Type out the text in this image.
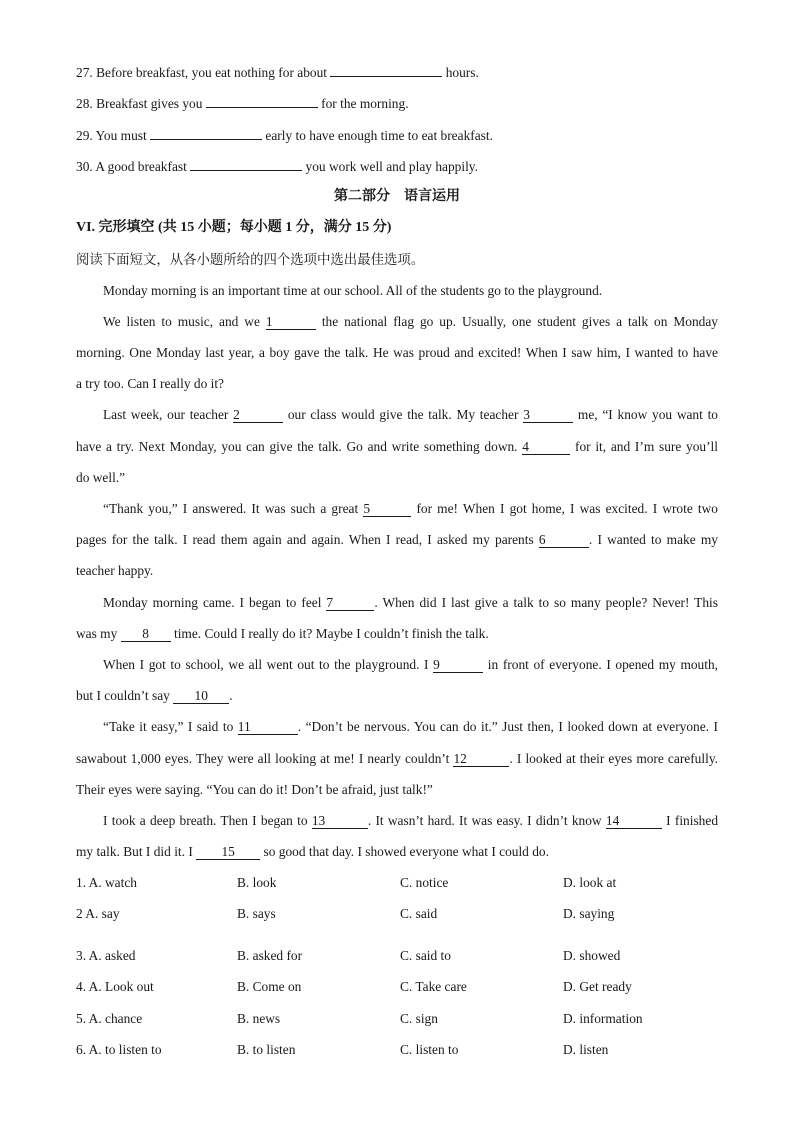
27. Before breakfast, you eat nothing for about	hours.
28. Breakfast gives you	for the morning.
29. You must	early to have enough time to eat breakfast.
30. A good breakfast	you work well and play happily.
第二部分　语言运用
VI. 完形填空 (共 15 小题；每小题 1 分，满分 15 分)
阅读下面短文，从各小题所给的四个选项中选出最佳选项。
Monday morning is an important time at our school. All of the students go to the playground.
We listen to music, and we 1	the national flag go up. Usually, one student gives a talk on Monday
morning. One Monday last year, a boy gave the talk. He was proud and excited! When I saw him, I wanted to have
a try too. Can I really do it?
Last week, our teacher 2	our class would give the talk. My teacher 3	me, “I know you want to
have a try. Next Monday, you can give the talk. Go and write something down. 4	for it, and I’m sure you’ll
do well.”
“Thank you,” I answered. It was such a great 5	for me! When I got home, I was excited. I wrote two
pages for the talk. I read them again and again. When I read, I asked my parents 6	. I wanted to make my
teacher happy.
Monday morning came. I began to feel 7	. When did I last give a talk to so many people? Never! This
was my 8 time. Could I really do it? Maybe I couldn’t finish the talk.
When I got to school, we all went out to the playground. I 9	in front of everyone. I opened my mouth,
but I couldn’t say 10 .
“Take it easy,” I said to 11	. “Don’t be nervous. You can do it.” Just then, I looked down at everyone. I
sawabout 1,000 eyes. They were all looking at me! I nearly couldn’t 12	. I looked at their eyes more carefully.
Their eyes were saying. “You can do it! Don’t be afraid, just talk!”
I took a deep breath. Then I began to 13	. It wasn’t hard. It was easy. I didn’t know 14	I finished
my talk. But I did it. I 15 so good that day. I showed everyone what I could do.
1. A. watch	B. look	C. notice	D. look at
2 A. say	B. says	C. said	D. saying
3. A. asked	B. asked for	C. said to	D. showed
4. A. Look out	B. Come on	C. Take care	D. Get ready
5. A. chance	B. news	C. sign	D. information
6. A. to listen to	B. to listen	C. listen to	D. listen
